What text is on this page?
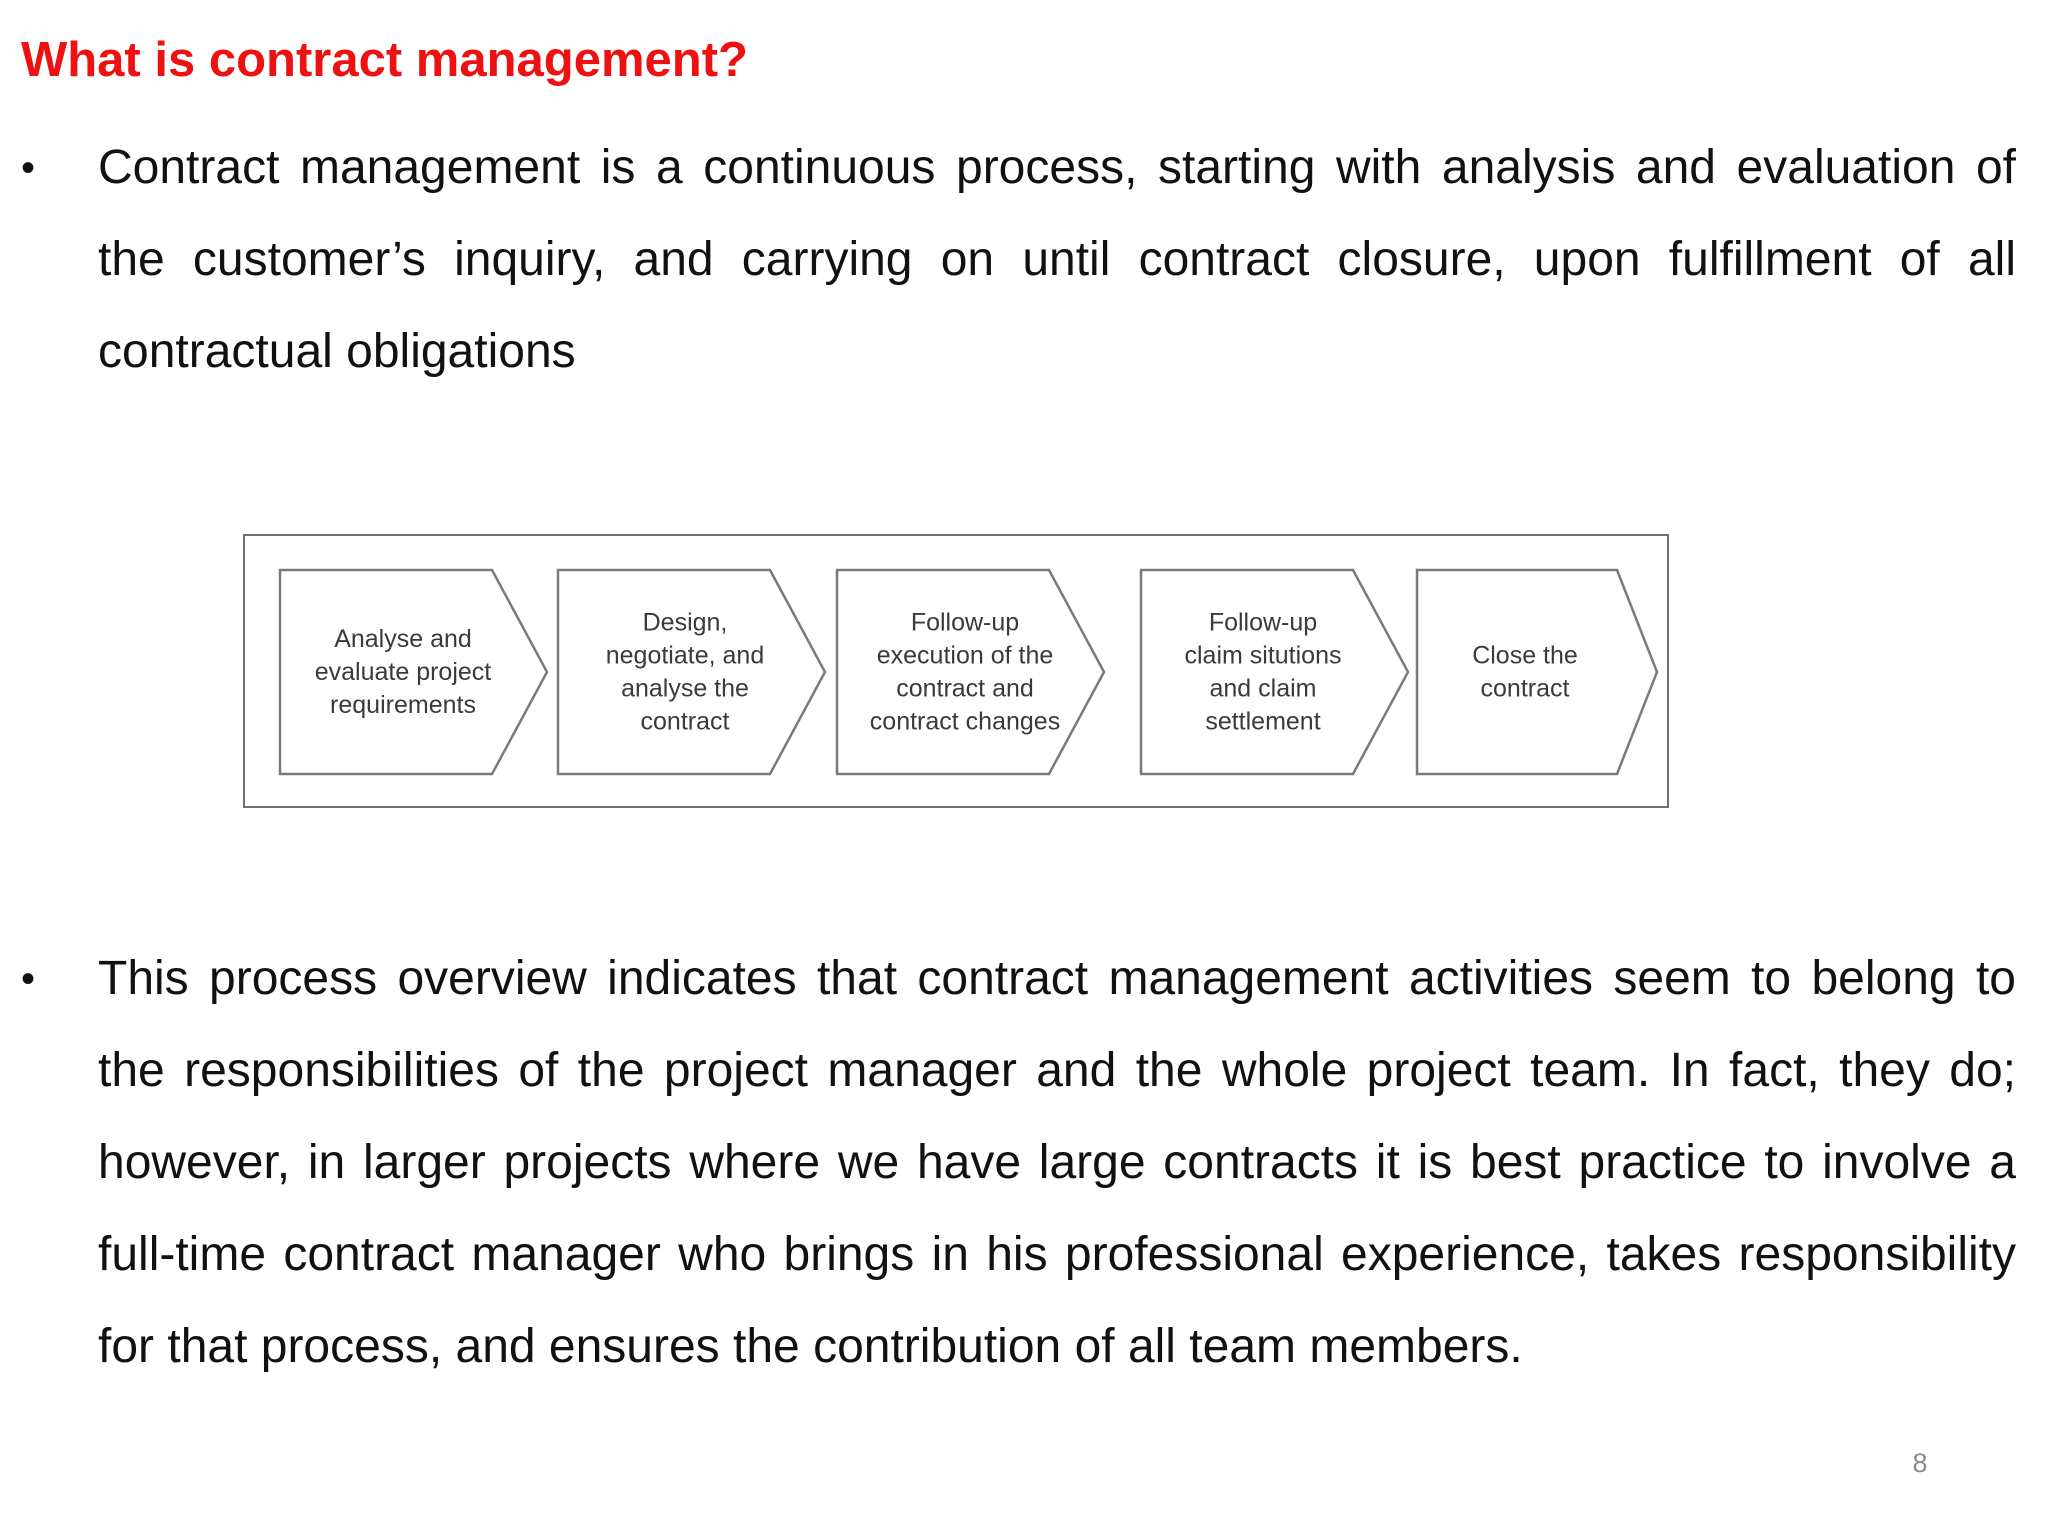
What is contract management?
•	Contract management is a continuous process, starting with analysis and evaluation of the customer’s inquiry, and carrying on until contract closure, upon fulfillment of all contractual obligations
Analyse and
evaluate project
requirements
Design,
negotiate, and
analyse the
contract
Follow-up
execution of the
contract and
contract changes
Follow-up
claim situtions
and claim
settlement
Close the
contract
•	This process overview indicates that contract management activities seem to belong to the responsibilities of the project manager and the whole project team. In fact, they do; however, in larger projects where we have large contracts it is best practice to involve a full-time contract manager who brings in his professional experience, takes responsibility for that process, and ensures the contribution of all team members.
8
